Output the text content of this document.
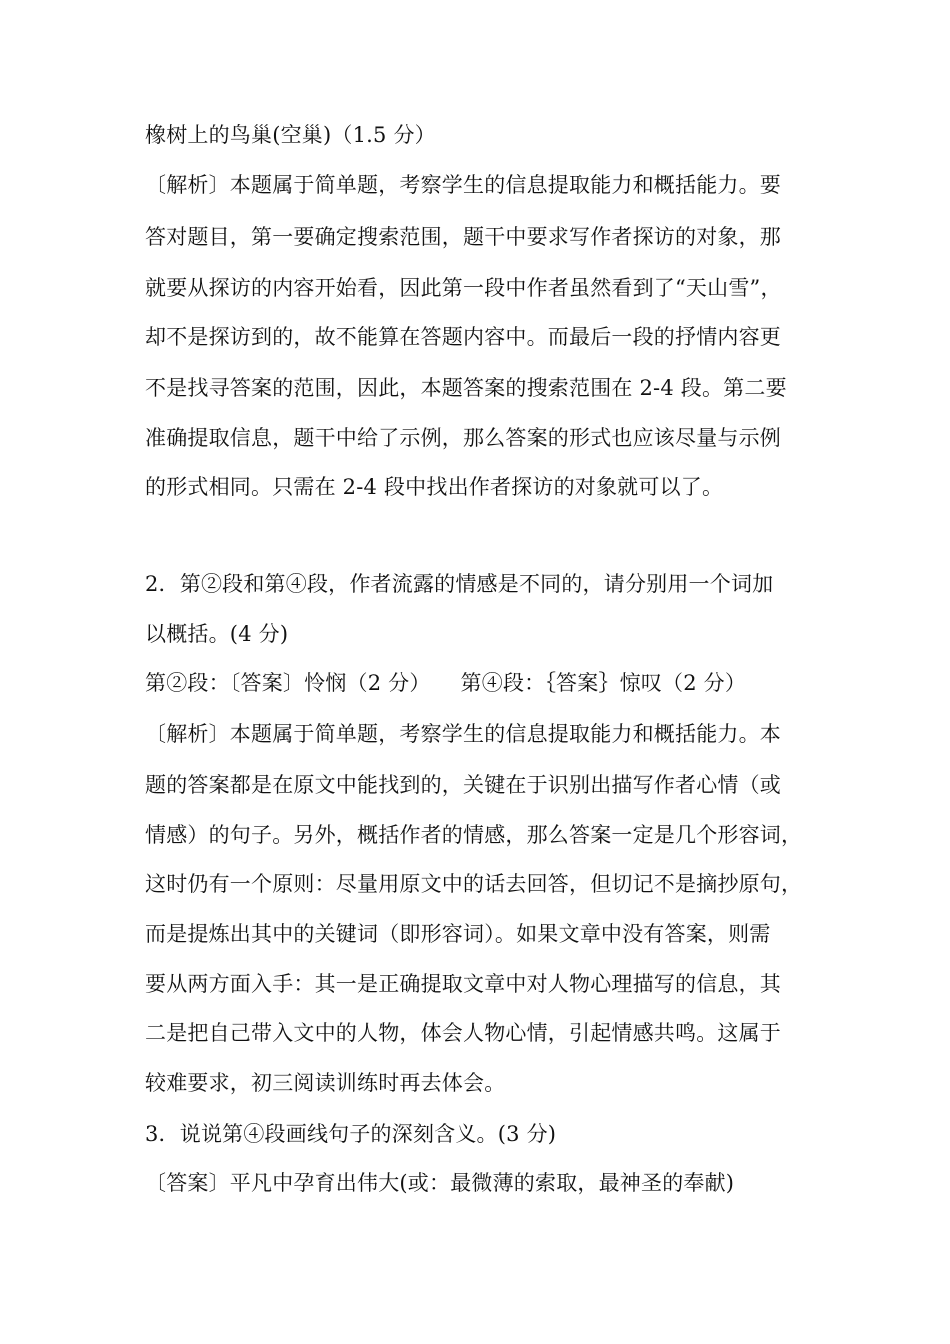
橡树上的鸟巢(空巢)（1.5 分）
〔解析〕本题属于简单题，考察学生的信息提取能力和概括能力。要
答对题目，第一要确定搜索范围，题干中要求写作者探访的对象，那
就要从探访的内容开始看，因此第一段中作者虽然看到了“天山雪”，
却不是探访到的，故不能算在答题内容中。而最后一段的抒情内容更
不是找寻答案的范围，因此，本题答案的搜索范围在 2-4 段。第二要
准确提取信息，题干中给了示例，那么答案的形式也应该尽量与示例
的形式相同。只需在 2-4 段中找出作者探访的对象就可以了。
2．第②段和第④段，作者流露的情感是不同的，请分别用一个词加
以概括。(4 分)
第②段：〔答案〕怜悯（2 分） 第④段：｛答案｝惊叹（2 分）
〔解析〕本题属于简单题，考察学生的信息提取能力和概括能力。本
题的答案都是在原文中能找到的，关键在于识别出描写作者心情（或
情感）的句子。另外，概括作者的情感，那么答案一定是几个形容词，
这时仍有一个原则：尽量用原文中的话去回答，但切记不是摘抄原句，
而是提炼出其中的关键词（即形容词）。如果文章中没有答案，则需
要从两方面入手：其一是正确提取文章中对人物心理描写的信息，其
二是把自己带入文中的人物，体会人物心情，引起情感共鸣。这属于
较难要求，初三阅读训练时再去体会。
3．说说第④段画线句子的深刻含义。(3 分)
〔答案〕平凡中孕育出伟大(或：最微薄的索取，最神圣的奉献)
